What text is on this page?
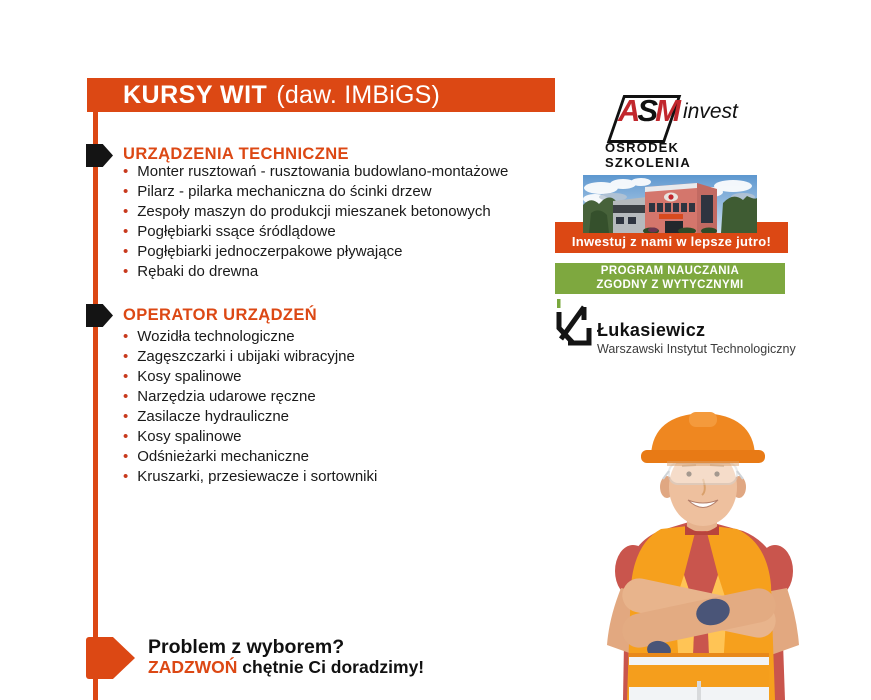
KURSY WIT (daw. IMBiGS)
URZĄDZENIA TECHNICZNE
• Monter rusztowań - rusztowania budowlano-montażowe
• Pilarz - pilarka mechaniczna do ścinki drzew
• Zespoły maszyn do produkcji mieszanek betonowych
• Pogłębiarki ssące śródlądowe
• Pogłębiarki jednoczerpakowe pływające
• Rębaki do drewna
OPERATOR URZĄDZEŃ
• Wozidła technologiczne
• Zagęszczarki i ubijaki wibracyjne
• Kosy spalinowe
• Narzędzia udarowe ręczne
• Zasilacze hydrauliczne
• Kosy spalinowe
• Odśnieżarki mechaniczne
• Kruszarki, przesiewacze i sortowniki
ASM invest
OŚRODEK SZKOLENIA
Inwestuj z nami w lepsze jutro!
PROGRAM NAUCZANIA
ZGODNY Z WYTYCZNYMI
Łukasiewicz
Warszawski Instytut Technologiczny
Problem z wyborem?
ZADZWOŃ chętnie Ci doradzimy!
